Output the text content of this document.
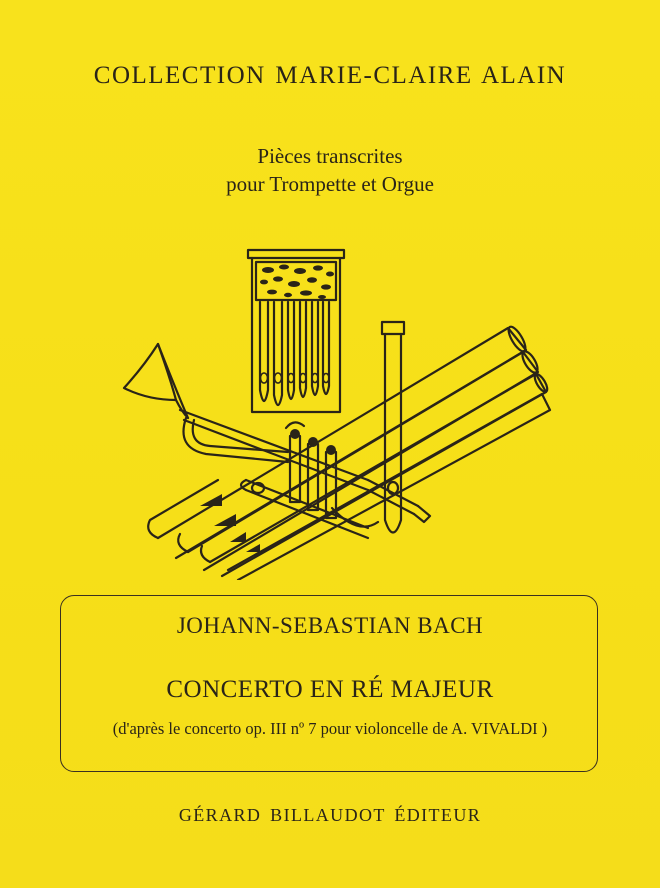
COLLECTION MARIE-CLAIRE ALAIN
Pièces transcrites
pour Trompette et Orgue
JOHANN-SEBASTIAN BACH
CONCERTO EN RÉ MAJEUR
(d'après le concerto op. III nº 7 pour violoncelle de A. VIVALDI )
GÉRARD BILLAUDOT ÉDITEUR
